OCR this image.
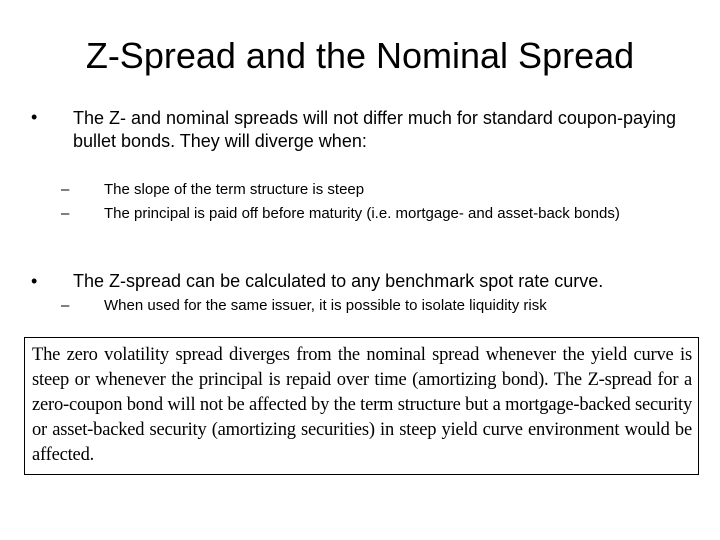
Z-Spread and the Nominal Spread
• The Z- and nominal spreads will not differ much for standard coupon-paying bullet bonds. They will diverge when:
– The slope of the term structure is steep
– The principal is paid off before maturity (i.e. mortgage- and asset-back bonds)
• The Z-spread can be calculated to any benchmark spot rate curve.
– When used for the same issuer, it is possible to isolate liquidity risk
The zero volatility spread diverges from the nominal spread whenever the yield curve is steep or whenever the principal is repaid over time (amortizing bond). The Z-spread for a zero-coupon bond will not be affected by the term structure but a mortgage-backed security or asset-backed security (amortizing securities) in steep yield curve environment would be affected.
